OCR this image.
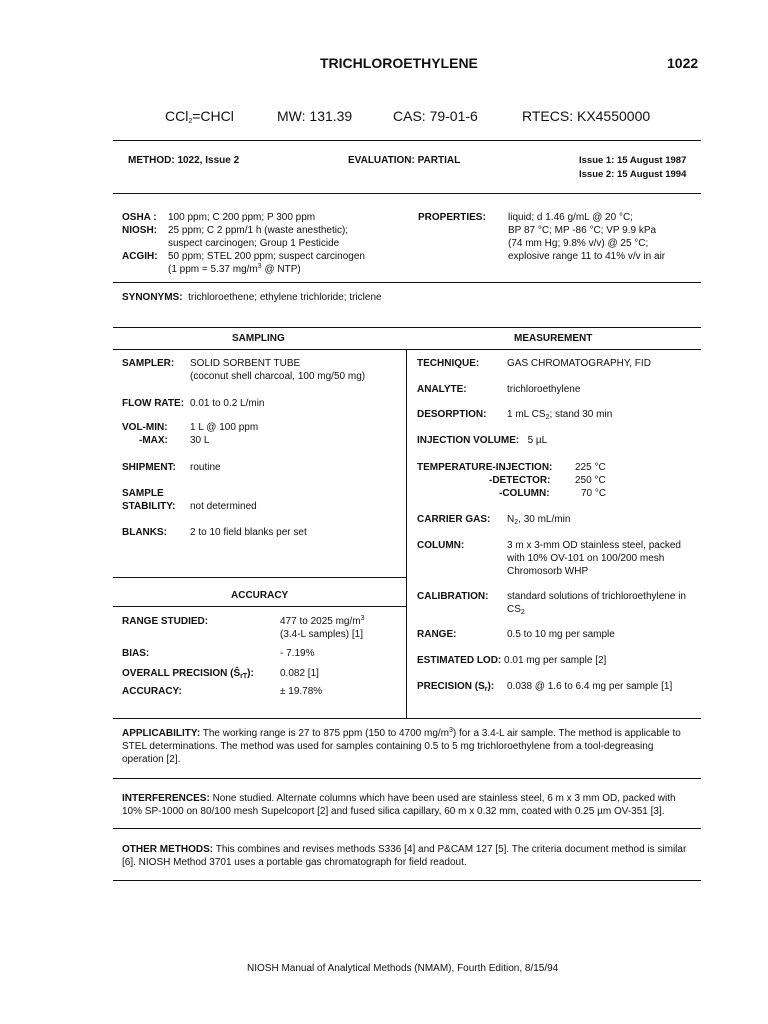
TRICHLOROETHYLENE	1022
CCl$_2$=CHCl	MW: 131.39	CAS: 79-01-6	RTECS: KX4550000
METHOD: 1022, Issue 2	EVALUATION: PARTIAL	Issue 1: 15 August 1987
Issue 2: 15 August 1994
OSHA : 100 ppm; C 200 ppm; P 300 ppm
NIOSH: 25 ppm; C 2 ppm/1 h (waste anesthetic);
suspect carcinogen; Group 1 Pesticide
ACGIH: 50 ppm; STEL 200 ppm; suspect carcinogen
(1 ppm = 5.37 $mg/m^3$ @ NTP)
PROPERTIES: liquid; d 1.46 g/mL @ 20 °C;
BP 87 °C; MP -86 °C; VP 9.9 kPa
(74 mm Hg; 9.8% v/v) @ 25 °C;
explosive range 11 to 41% v/v in air
SYNONYMS: trichloroethene; ethylene trichloride; triclene
SAMPLING	MEASUREMENT
SAMPLER: SOLID SORBENT TUBE
(coconut shell charcoal, 100 mg/50 mg)
FLOW RATE: 0.01 to 0.2 L/min
VOL-MIN: 1 L @ 100 ppm
-MAX: 30 L
SHIPMENT: routine
SAMPLE
STABILITY: not determined
BLANKS: 2 to 10 field blanks per set
ACCURACY
RANGE STUDIED:	477 to 2025 $mg/m^3$
(3.4-L samples) [1]
BIAS:	- 7.19%
OVERALL PRECISION $(Ŝ_{rT})$:	0.082 [1]
ACCURACY:	± 19.78%
TECHNIQUE:	GAS CHROMATOGRAPHY, FID
ANALYTE:	trichloroethylene
DESORPTION: 1 mL $CS_2$; stand 30 min
INJECTION VOLUME: 5 µL
TEMPERATURE-INJECTION: 225 °C
-DETECTOR: 250 °C
-COLUMN:	70 °C
CARRIER GAS: $N_2$, 30 mL/min
COLUMN:	3 m x 3-mm OD stainless steel, packed
with 10% OV-101 on 100/200 mesh
Chromosorb WHP
CALIBRATION: standard solutions of trichloroethylene in
$CS_2$
RANGE:	0.5 to 10 mg per sample
ESTIMATED LOD: 0.01 mg per sample [2]
PRECISION $(S_r)$: 0.038 @ 1.6 to 6.4 mg per sample [1]
APPLICABILITY: The working range is 27 to 875 ppm (150 to 4700 $mg/m^3$) for a 3.4-L air sample. The method is applicable to STEL determinations. The method was used for samples containing 0.5 to 5 mg trichloroethylene from a tool-degreasing operation [2].
INTERFERENCES: None studied. Alternate columns which have been used are stainless steel, 6 m x 3 mm OD, packed with 10% SP-1000 on 80/100 mesh Supelcoport [2] and fused silica capillary, 60 m x 0.32 mm, coated with 0.25 µm OV-351 [3].
OTHER METHODS: This combines and revises methods S336 [4] and P&CAM 127 [5]. The criteria document method is similar [6]. NIOSH Method 3701 uses a portable gas chromatograph for field readout.
NIOSH Manual of Analytical Methods (NMAM), Fourth Edition, 8/15/94
